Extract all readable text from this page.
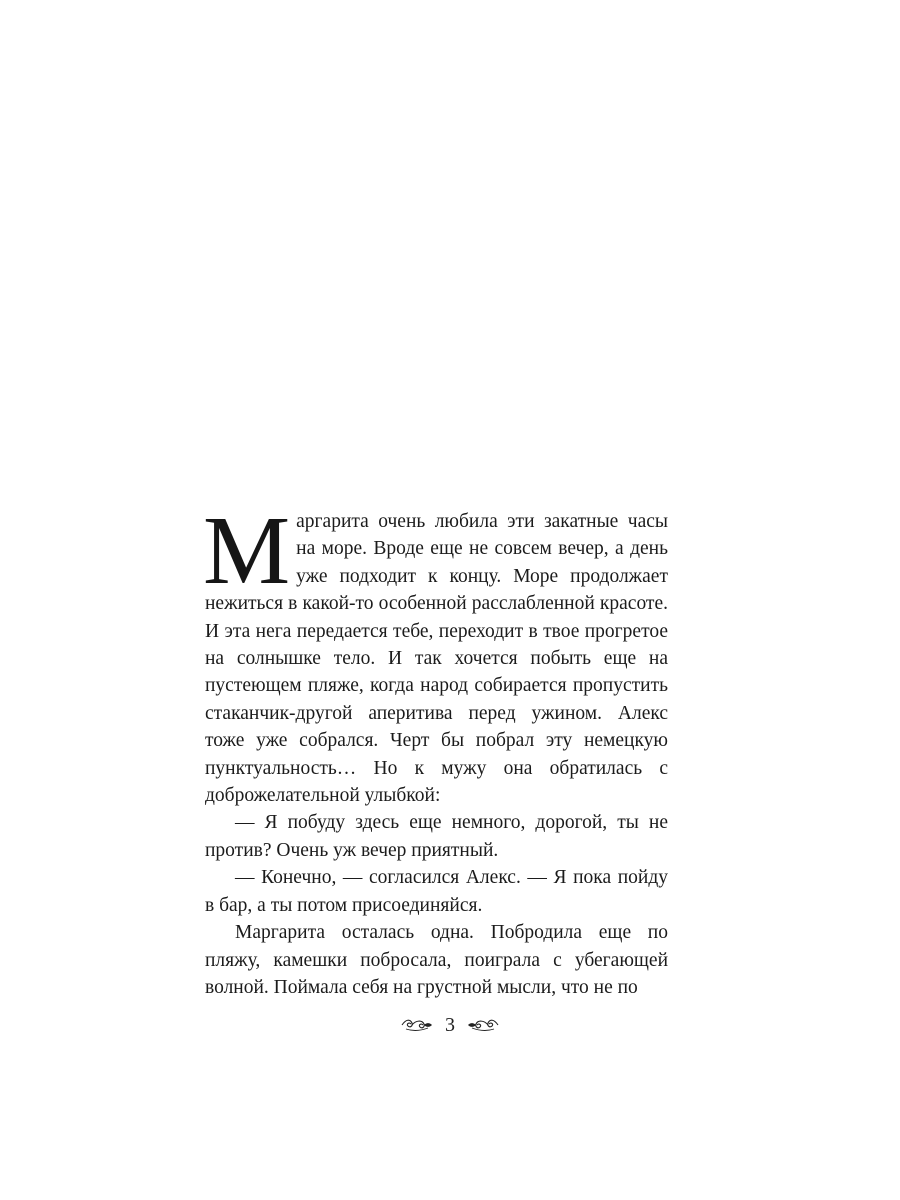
Маргарита очень любила эти закатные часы на море. Вроде еще не совсем вечер, а день уже подходит к концу. Море продолжает нежиться в какой-то особенной расслабленной красоте. И эта нега передается тебе, переходит в твое прогретое на солнышке тело. И так хочется побыть еще на пустеющем пляже, когда народ собирается пропустить стаканчик-другой аперитива перед ужином. Алекс тоже уже собрался. Черт бы побрал эту немецкую пунктуальность… Но к мужу она обратилась с доброжелательной улыбкой:

— Я побуду здесь еще немного, дорогой, ты не против? Очень уж вечер приятный.

— Конечно, — согласился Алекс. — Я пока пойду в бар, а ты потом присоединяйся.

Маргарита осталась одна. Побродила еще по пляжу, камешки побросала, поиграла с убегающей волной. Поймала себя на грустной мысли, что не по

3
